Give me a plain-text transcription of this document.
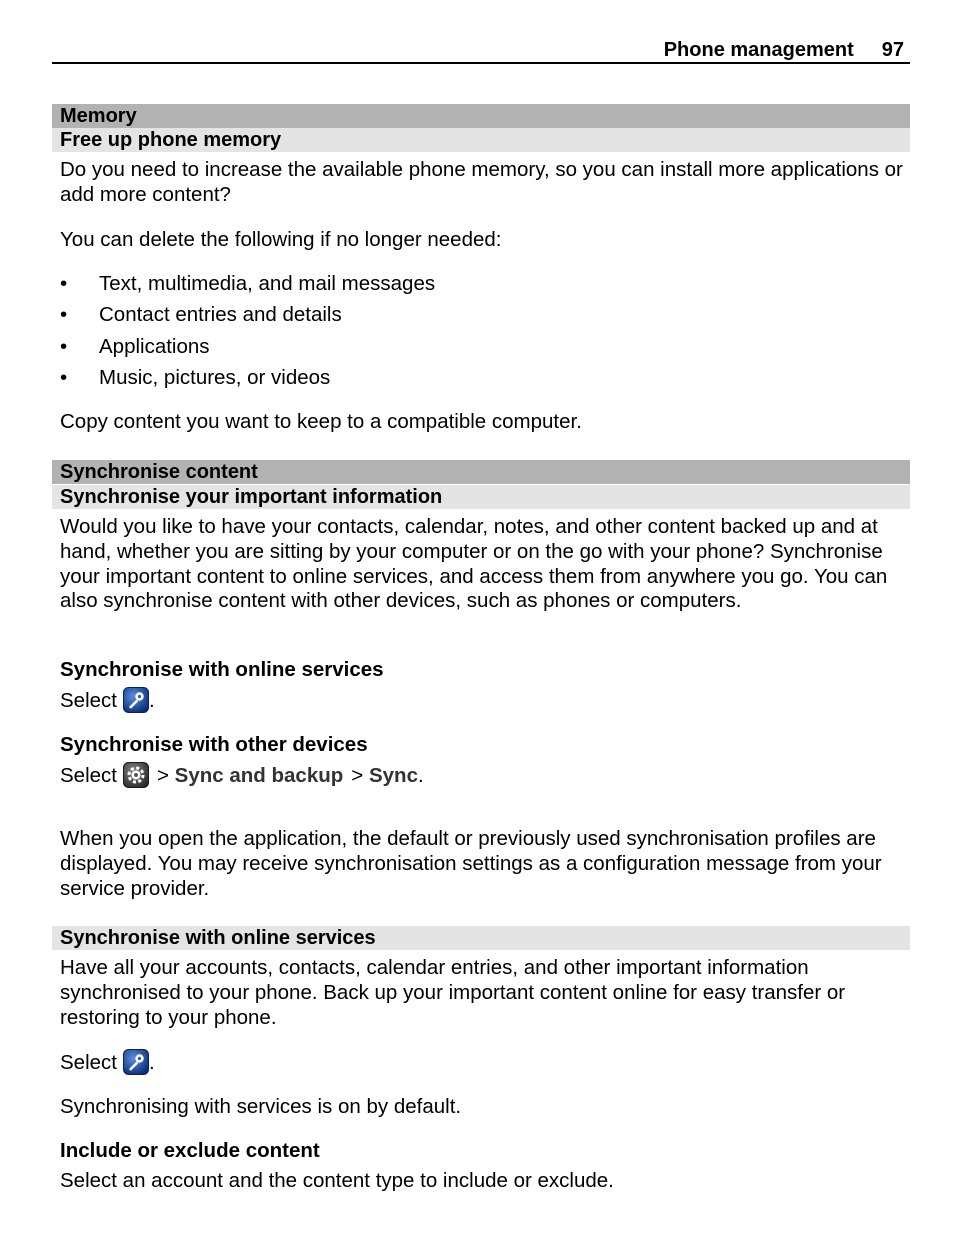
Phone management 97
Memory
Free up phone memory

Do you need to increase the available phone memory, so you can install more applications or add more content?

You can delete the following if no longer needed:

• Text, multimedia, and mail messages
• Contact entries and details
• Applications
• Music, pictures, or videos

Copy content you want to keep to a compatible computer.

Synchronise content
Synchronise your important information

Would you like to have your contacts, calendar, notes, and other content backed up and at hand, whether you are sitting by your computer or on the go with your phone? Synchronise your important content to online services, and access them from anywhere you go. You can also synchronise content with other devices, such as phones or computers.

Synchronise with online services

Select .

Synchronise with other devices

Select > Sync and backup > Sync.

When you open the application, the default or previously used synchronisation profiles are displayed. You may receive synchronisation settings as a configuration message from your service provider.

Synchronise with online services

Have all your accounts, contacts, calendar entries, and other important information synchronised to your phone. Back up your important content online for easy transfer or restoring to your phone.

Select .

Synchronising with services is on by default.

Include or exclude content

Select an account and the content type to include or exclude.
